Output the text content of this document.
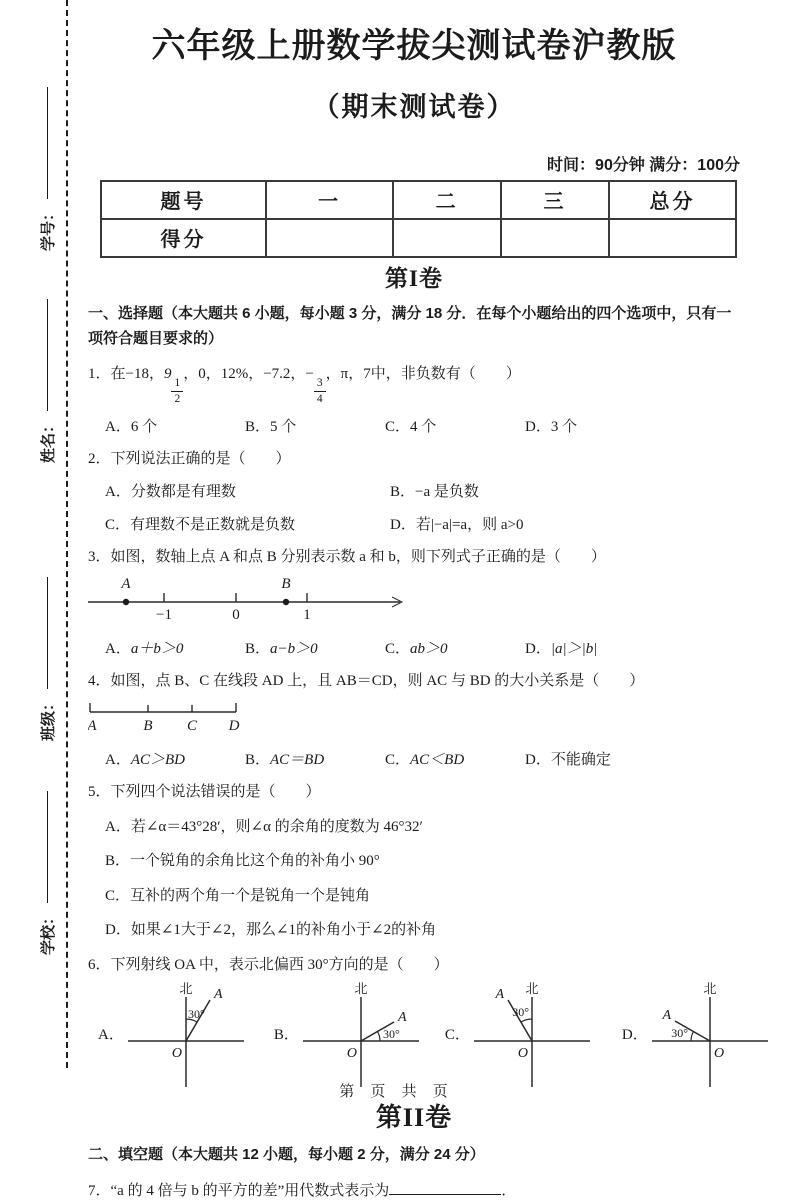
学号：
姓名：
班级：
学校：
六年级上册数学拔尖测试卷沪教版
（期末测试卷）
时间：90分钟 满分：100分
题号	一	二	三	总分
得分				
第I卷
一、选择题（本大题共 6 小题，每小题 3 分，满分 18 分．在每个小题给出的四个选项中，只有一项符合题目要求的）
1．在−18，9
$\frac{1}{2}$
，0，12%，−7.2，−
$\frac{3}{4}$
，π，7中，非负数有（　　）
A．6 个	B．5 个	C．4 个	D．3 个
2．下列说法正确的是（　　）
A．分数都是有理数	B．−a 是负数
C．有理数不是正数就是负数	D．若|−a|=a，则 a>0
3．如图，数轴上点 A 和点 B 分别表示数 a 和 b，则下列式子正确的是（　　）
A	B
−1	0	1
A．a＋b＞0	B．a−b＞0	C．ab＞0	D．|a|＞|b|
4．如图，点 B、C 在线段 AD 上，且 AB＝CD，则 AC 与 BD 的大小关系是（　　）
A	B C D
A．AC＞BD	B．AC＝BD	C．AC＜BD	D．不能确定
5．下列四个说法错误的是（　　）
A．若∠α＝43°28′，则∠α 的余角的度数为 46°32′
B．一个锐角的余角比这个角的补角小 90°
C．互补的两个角一个是锐角一个是钝角
D．如果∠1大于∠2，那么∠1的补角小于∠2的补角
6．下列射线 OA 中，表示北偏西 30°方向的是（　　）
A．
北 A
30°
O
B．
北
A
30°
O
C．
北
A
30°
O
D．
北
A
30°
O
第II卷
二、填空题（本大题共 12 小题，每小题 2 分，满分 24 分）
7．“a 的 4 倍与 b 的平方的差”用代数式表示为	．
第 页 共 页
